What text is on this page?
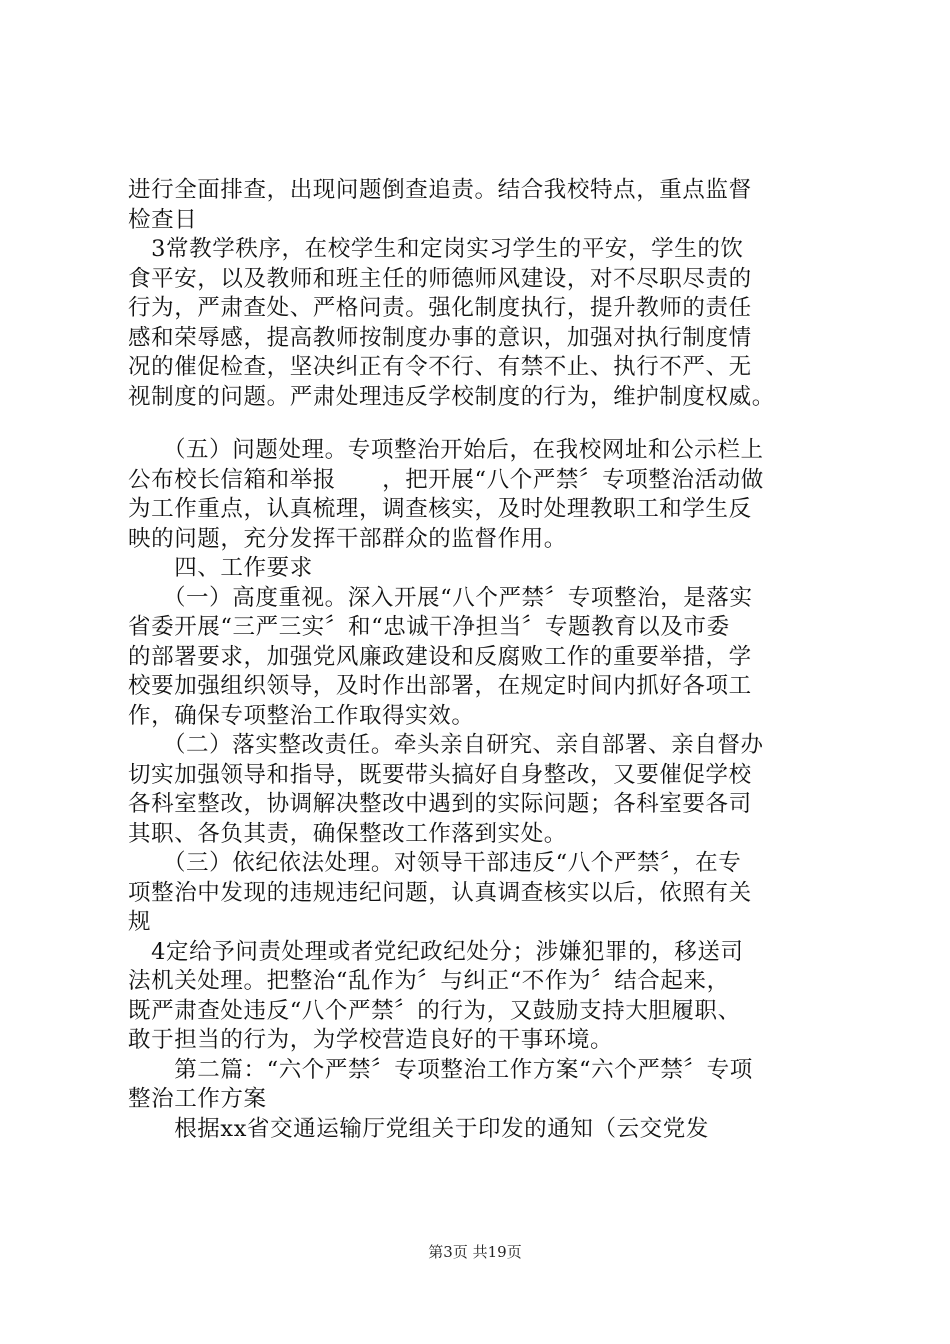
进行全面排查，出现问题倒查追责。结合我校特点，重点监督
检查日
　3常教学秩序，在校学生和定岗实习学生的平安，学生的饮
食平安，以及教师和班主任的师德师风建设，对不尽职尽责的
行为，严肃查处、严格问责。强化制度执行，提升教师的责任
感和荣辱感，提高教师按制度办事的意识，加强对执行制度情
况的催促检查，坚决纠正有令不行、有禁不止、执行不严、无
视制度的问题。严肃处理违反学校制度的行为，维护制度权威。
　　（五）问题处理。专项整治开始后，在我校网址和公示栏上
公布校长信箱和举报　　，把开展“八个严禁〞专项整治活动做
为工作重点，认真梳理，调查核实，及时处理教职工和学生反
映的问题，充分发挥干部群众的监督作用。
　　四、工作要求
　　（一）高度重视。深入开展“八个严禁〞专项整治，是落实
省委开展“三严三实〞和“忠诚干净担当〞专题教育以及市委
的部署要求，加强党风廉政建设和反腐败工作的重要举措，学
校要加强组织领导，及时作出部署，在规定时间内抓好各项工
作，确保专项整治工作取得实效。
　　（二）落实整改责任。牵头亲自研究、亲自部署、亲自督办
切实加强领导和指导，既要带头搞好自身整改，又要催促学校
各科室整改，协调解决整改中遇到的实际问题；各科室要各司
其职、各负其责，确保整改工作落到实处。
　　（三）依纪依法处理。对领导干部违反“八个严禁〞，在专
项整治中发现的违规违纪问题，认真调查核实以后，依照有关
规
　4定给予问责处理或者党纪政纪处分；涉嫌犯罪的，移送司
法机关处理。把整治“乱作为〞与纠正“不作为〞结合起来，
既严肃查处违反“八个严禁〞的行为，又鼓励支持大胆履职、
敢于担当的行为，为学校营造良好的干事环境。
　　第二篇：“六个严禁〞专项整治工作方案“六个严禁〞专项
整治工作方案
　　根据xx省交通运输厅党组关于印发的通知（云交党发
第3页 共19页
